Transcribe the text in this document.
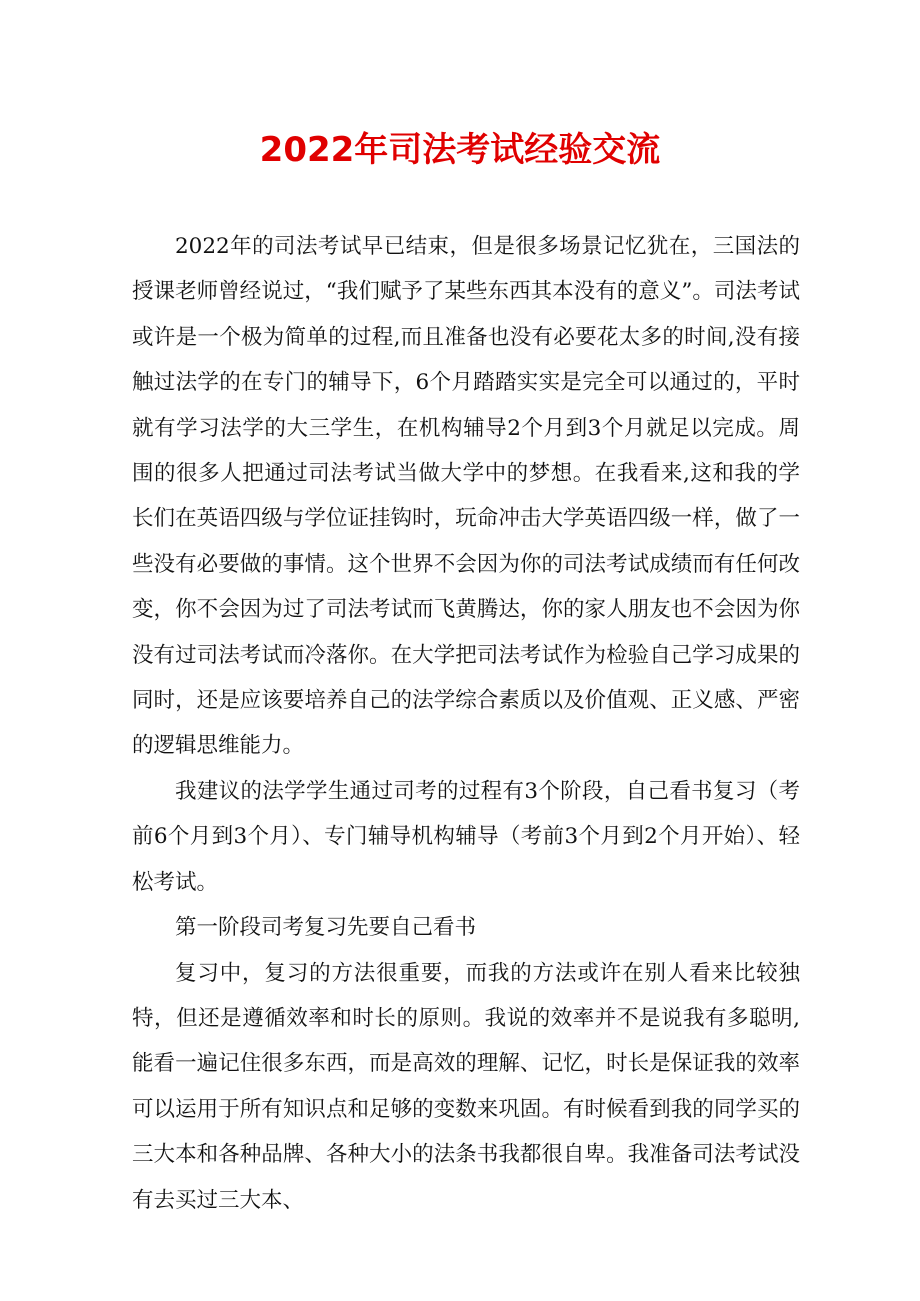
2022年司法考试经验交流

2022年的司法考试早已结束，但是很多场景记忆犹在，三国法的授课老师曾经说过，“我们赋予了某些东西其本没有的意义”。司法考试或许是一个极为简单的过程,而且准备也没有必要花太多的时间,没有接触过法学的在专门的辅导下，6个月踏踏实实是完全可以通过的，平时就有学习法学的大三学生，在机构辅导2个月到3个月就足以完成。周围的很多人把通过司法考试当做大学中的梦想。在我看来,这和我的学长们在英语四级与学位证挂钩时，玩命冲击大学英语四级一样，做了一些没有必要做的事情。这个世界不会因为你的司法考试成绩而有任何改变，你不会因为过了司法考试而飞黄腾达，你的家人朋友也不会因为你没有过司法考试而冷落你。在大学把司法考试作为检验自己学习成果的同时，还是应该要培养自己的法学综合素质以及价值观、正义感、严密的逻辑思维能力。

我建议的法学学生通过司考的过程有3个阶段，自己看书复习（考前6个月到3个月）、专门辅导机构辅导（考前3个月到2个月开始）、轻松考试。

第一阶段司考复习先要自己看书

复习中，复习的方法很重要，而我的方法或许在别人看来比较独特，但还是遵循效率和时长的原则。我说的效率并不是说我有多聪明,能看一遍记住很多东西，而是高效的理解、记忆，时长是保证我的效率可以运用于所有知识点和足够的变数来巩固。有时候看到我的同学买的三大本和各种品牌、各种大小的法条书我都很自卑。我准备司法考试没有去买过三大本、
